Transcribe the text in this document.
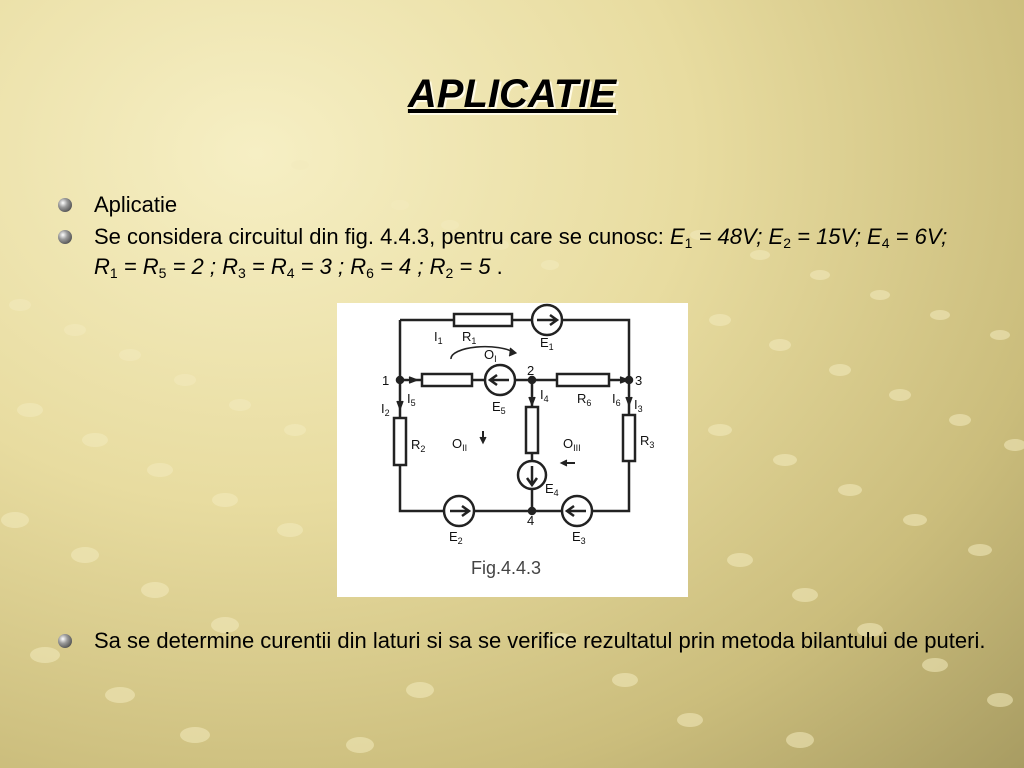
APLICATIE
Aplicatie
Se considera circuitul din fig. 4.4.3, pentru care se cunosc: $E_1 = 48V$; $E_2 = 15V$; $E_4 = 6V$; $R_1 = R_5 = 2$ ; $R_3 = R_4 = 3$ ; $R_6 = 4$ ; $R_2 = 5$ .
$I_1$ $R_1$	$E_1$
$O_I$
1
2
3
4
$I_2$
$I_5$	$E_5$
$I_4$ $R_6$ $I_6$ $I_3$
$R_2$ $O_{II}$	$O_{III}$	$R_3$
$E_4$
$E_2$	$E_3$
Fig.4.4.3
Sa se determine curentii din laturi si sa se verifice rezultatul prin metoda bilantului de puteri.
